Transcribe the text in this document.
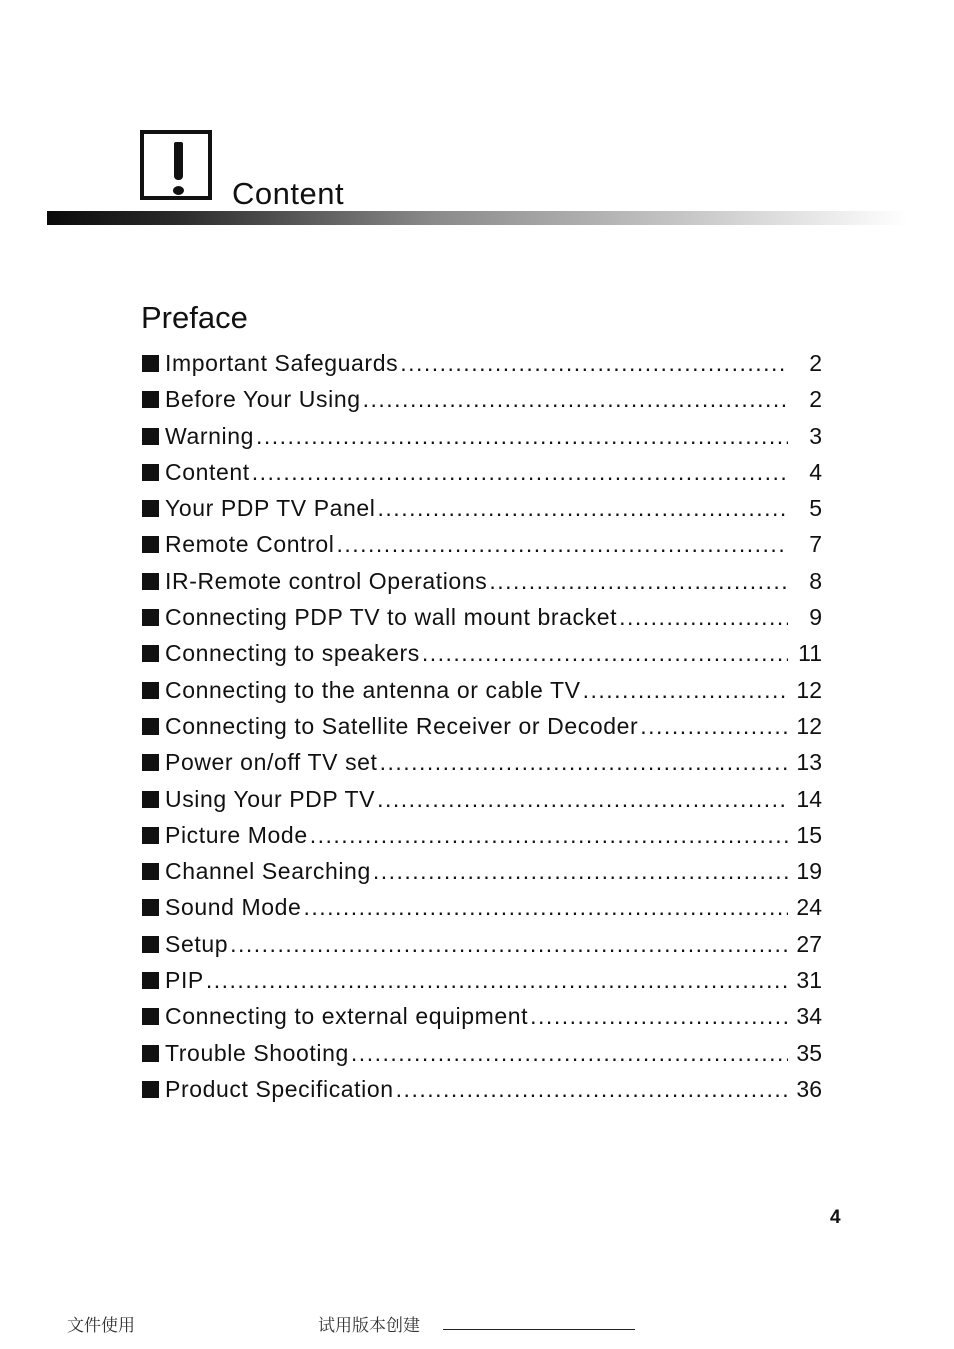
Content
Preface
Important Safeguards .....	2
Before Your Using .....	2
Warning .....	3
Content .....	4
Your PDP TV Panel .....	5
Remote Control .....	7
IR-Remote control Operations .....	8
Connecting PDP TV to wall mount bracket .....	9
Connecting to speakers .....	11
Connecting to the antenna or cable TV .....	12
Connecting to Satellite Receiver or Decoder .....	12
Power on/off TV set .....	13
Using Your PDP TV .....	14
Picture Mode .....	15
Channel Searching .....	19
Sound Mode .....	24
Setup .....	27
PIP .....	31
Connecting to external equipment .....	34
Trouble Shooting .....	35
Product Specification .....	36
4
文件使用	试用版本创建
